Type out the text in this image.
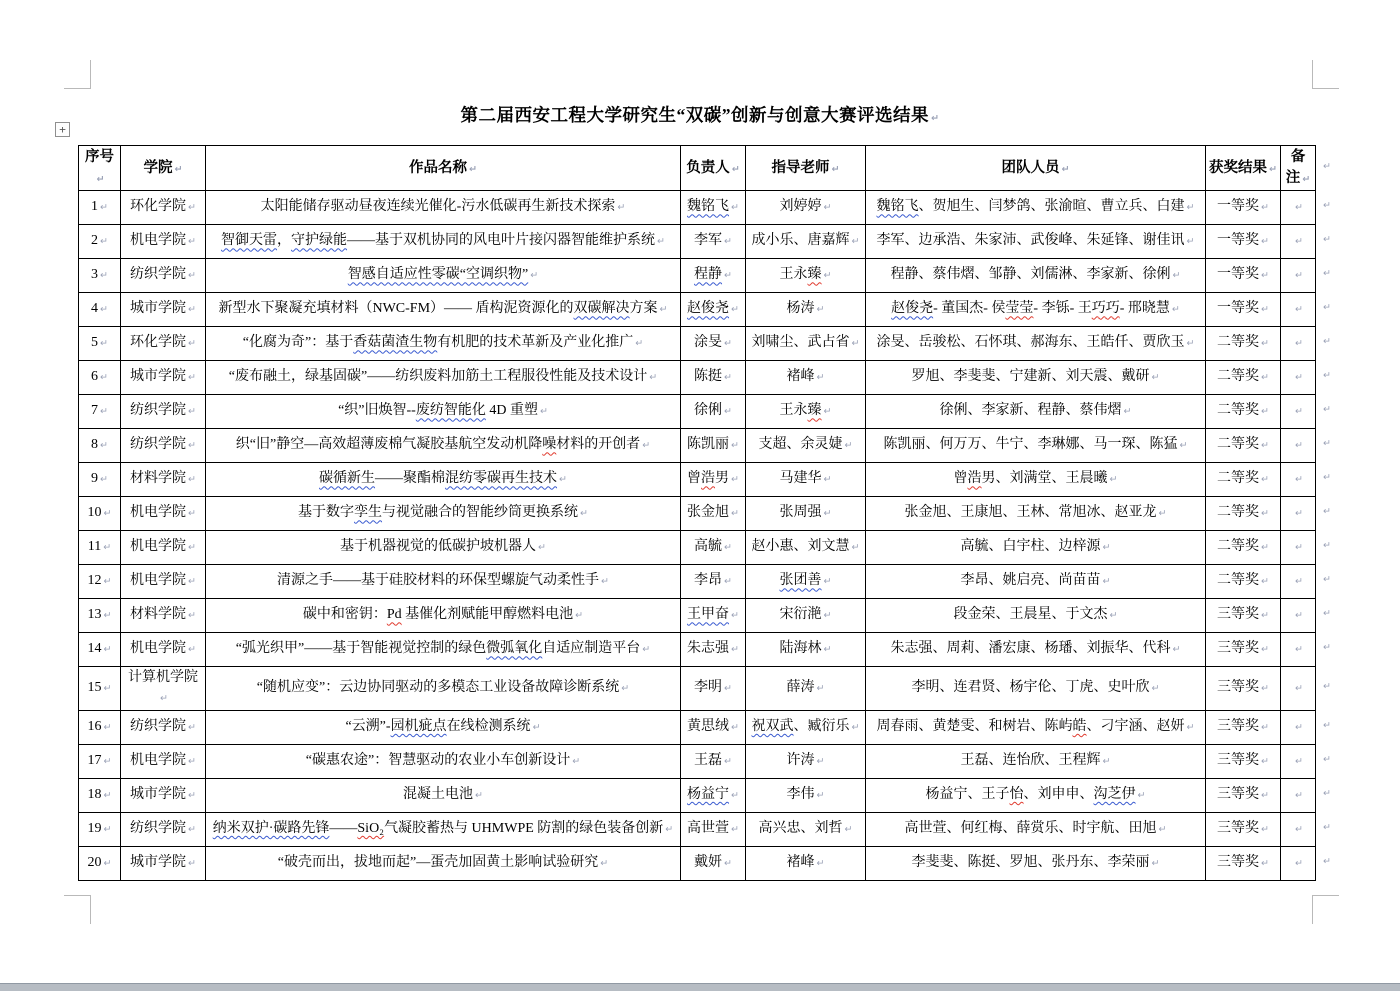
+
第二届西安工程大学研究生“双碳”创新与创意大赛评选结果 ↵
序号↵	学院 ↵	作品名称 ↵	负责人 ↵	指导老师 ↵	团队人员 ↵	获奖结果 ↵	备注 ↵
1 ↵	环化学院 ↵	太阳能储存驱动昼夜连续光催化-污水低碳再生新技术探索 ↵	魏铭飞 ↵	刘婷婷 ↵	魏铭飞、贺旭生、闫梦鸽、张渝暄、曹立兵、白建 ↵	一等奖 ↵	↵
2 ↵	机电学院 ↵	智御天雷，守护绿能——基于双机协同的风电叶片接闪器智能维护系统 ↵	李军 ↵	成小乐、唐嘉辉 ↵	李军、边承浩、朱家沛、武俊峰、朱延锋、谢佳讯 ↵	一等奖 ↵	↵
3 ↵	纺织学院 ↵	智感自适应性零碳“空调织物” ↵	程静 ↵	王永臻 ↵	程静、蔡伟熠、邹静、刘儒淋、李家新、徐俐 ↵	一等奖 ↵	↵
4 ↵	城市学院 ↵	新型水下聚凝充填材料（NWC-FM）—— 盾构泥资源化的双碳解决方案 ↵	赵俊尧 ↵	杨涛 ↵	赵俊尧- 董国杰- 侯莹莹- 李铄- 王巧巧- 邢晓慧 ↵	一等奖 ↵	↵
5 ↵	环化学院 ↵	“化腐为奇”：基于香菇菌渣生物有机肥的技术革新及产业化推广 ↵	涂旻 ↵	刘啸尘、武占省 ↵	涂旻、岳骏松、石怀琪、郝海东、王皓仟、贾欣玉 ↵	二等奖 ↵	↵
6 ↵	城市学院 ↵	“废布融土，绿基固碳”——纺织废料加筋土工程服役性能及技术设计 ↵	陈挺 ↵	褚峰 ↵	罗旭、李斐斐、宁建新、刘天震、戴研 ↵	二等奖 ↵	↵
7 ↵	纺织学院 ↵	“织”旧焕智--废纺智能化 4D 重塑 ↵	徐俐 ↵	王永臻 ↵	徐俐、李家新、程静、蔡伟熠 ↵	二等奖 ↵	↵
8 ↵	纺织学院 ↵	织“旧”静空—高效超薄废棉气凝胶基航空发动机降噪材料的开创者 ↵	陈凯丽 ↵	支超、余灵婕 ↵	陈凯丽、何万万、牛宁、李琳娜、马一琛、陈猛 ↵	二等奖 ↵	↵
9 ↵	材料学院 ↵	碳循新生——聚酯棉混纺零碳再生技术 ↵	曾浩男 ↵	马建华 ↵	曾浩男、刘满堂、王晨曦 ↵	二等奖 ↵	↵
10 ↵	机电学院 ↵	基于数字孪生与视觉融合的智能纱筒更换系统 ↵	张金旭 ↵	张周强 ↵	张金旭、王康旭、王林、常旭冰、赵亚龙 ↵	二等奖 ↵	↵
11 ↵	机电学院 ↵	基于机器视觉的低碳护坡机器人 ↵	高毓 ↵	赵小惠、刘文慧 ↵	高毓、白宇柱、边梓源 ↵	二等奖 ↵	↵
12 ↵	机电学院 ↵	清源之手——基于硅胶材料的环保型螺旋气动柔性手 ↵	李昂 ↵	张团善 ↵	李昂、姚启亮、尚苗苗 ↵	二等奖 ↵	↵
13 ↵	材料学院 ↵	碳中和密钥：Pd 基催化剂赋能甲醇燃料电池 ↵	王甲奋 ↵	宋衍滟 ↵	段金荣、王晨星、于文杰 ↵	三等奖 ↵	↵
14 ↵	机电学院 ↵	“弧光织甲”——基于智能视觉控制的绿色微弧氧化自适应制造平台 ↵	朱志强 ↵	陆海林 ↵	朱志强、周莉、潘宏康、杨璠、刘振华、代科 ↵	三等奖 ↵	↵
15 ↵	计算机学院↵	“随机应变”：云边协同驱动的多模态工业设备故障诊断系统 ↵	李明 ↵	薛涛 ↵	李明、连君贤、杨宇伦、丁虎、史叶欣 ↵	三等奖 ↵	↵
16 ↵	纺织学院 ↵	“云溯”-园机疵点在线检测系统 ↵	黄思绒 ↵	祝双武、臧衍乐 ↵	周春雨、黄楚雯、和树岩、陈屿皓、刁宇涵、赵妍 ↵	三等奖 ↵	↵
17 ↵	机电学院 ↵	“碳惠农途”：智慧驱动的农业小车创新设计 ↵	王磊 ↵	许涛 ↵	王磊、连怡欣、王程辉 ↵	三等奖 ↵	↵
18 ↵	城市学院 ↵	混凝土电池 ↵	杨益宁 ↵	李伟 ↵	杨益宁、王子怡、刘申申、沟芝伊 ↵	三等奖 ↵	↵
19 ↵	纺织学院 ↵	纳米双护·碳路先锋——SiO₂气凝胶蓄热与 UHMWPE 防割的绿色装备创新 ↵	高世萱 ↵	高兴忠、刘哲 ↵	高世萱、何红梅、薛赏乐、时宇航、田旭 ↵	三等奖 ↵	↵
20 ↵	城市学院 ↵	“破壳而出，拔地而起”—蛋壳加固黄土影响试验研究 ↵	戴妍 ↵	褚峰 ↵	李斐斐、陈挺、罗旭、张丹东、李荣丽 ↵	三等奖 ↵	↵
↵
↵
↵
↵
↵
↵
↵
↵
↵
↵
↵
↵
↵
↵
↵
↵
↵
↵
↵
↵
↵
